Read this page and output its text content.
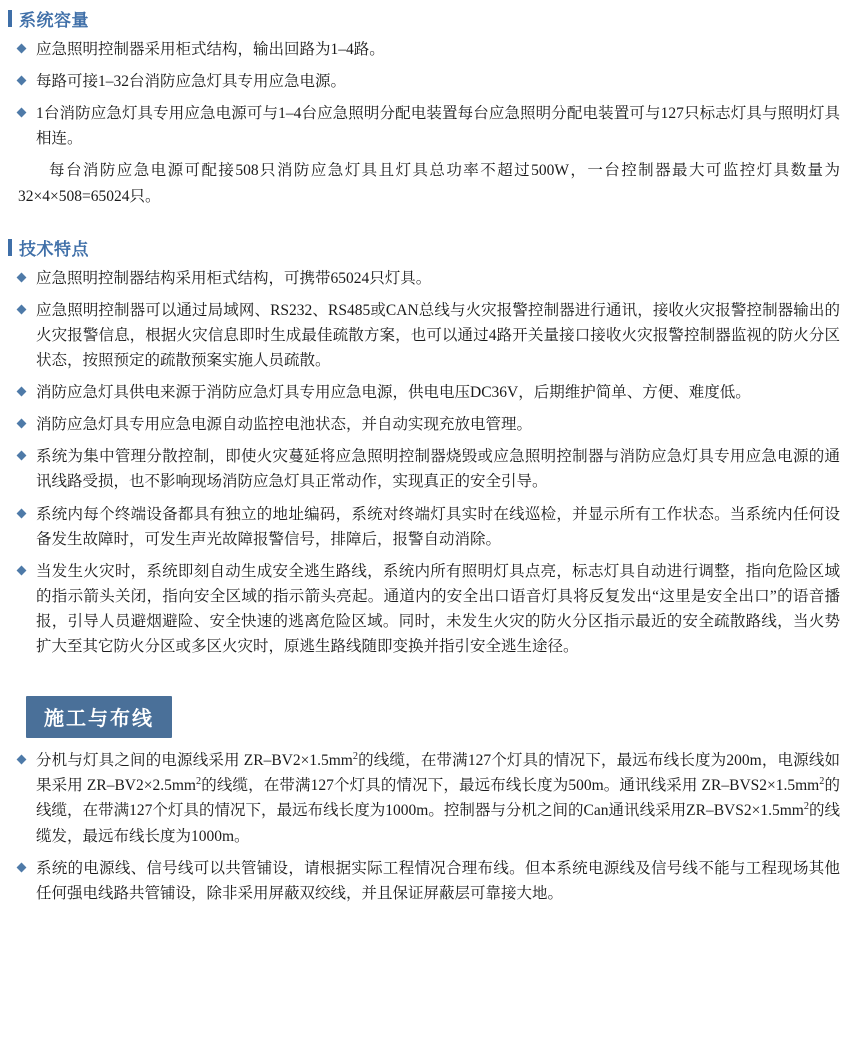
系统容量
应急照明控制器采用柜式结构，输出回路为1–4路。
每路可接1–32台消防应急灯具专用应急电源。
1台消防应急灯具专用应急电源可与1–4台应急照明分配电装置每台应急照明分配电装置可与127只标志灯具与照明灯具相连。

每台消防应急电源可配接508只消防应急灯具且灯具总功率不超过500W，一台控制器最大可监控灯具数量为32×4×508=65024只。

技术特点
应急照明控制器结构采用柜式结构，可携带65024只灯具。
应急照明控制器可以通过局域网、RS232、RS485或CAN总线与火灾报警控制器进行通讯，接收火灾报警控制器输出的火灾报警信息，根据火灾信息即时生成最佳疏散方案，也可以通过4路开关量接口接收火灾报警控制器监视的防火分区状态，按照预定的疏散预案实施人员疏散。
消防应急灯具供电来源于消防应急灯具专用应急电源，供电电压DC36V，后期维护简单、方便、难度低。
消防应急灯具专用应急电源自动监控电池状态，并自动实现充放电管理。
系统为集中管理分散控制，即使火灾蔓延将应急照明控制器烧毁或应急照明控制器与消防应急灯具专用应急电源的通讯线路受损，也不影响现场消防应急灯具正常动作，实现真正的安全引导。
系统内每个终端设备都具有独立的地址编码，系统对终端灯具实时在线巡检，并显示所有工作状态。当系统内任何设备发生故障时，可发生声光故障报警信号，排障后，报警自动消除。
当发生火灾时，系统即刻自动生成安全逃生路线，系统内所有照明灯具点亮，标志灯具自动进行调整，指向危险区域的指示箭头关闭，指向安全区域的指示箭头亮起。通道内的安全出口语音灯具将反复发出“这里是安全出口”的语音播报，引导人员避烟避险、安全快速的逃离危险区域。同时，未发生火灾的防火分区指示最近的安全疏散路线，当火势扩大至其它防火分区或多区火灾时，原逃生路线随即变换并指引安全逃生途径。
施工与布线
分机与灯具之间的电源线采用 $ZR-BV2\times 1.5mm^2$的线缆，在带满127个灯具的情况下，最远布线长度为200m，电源线如果采用 $ZR-BV2\times 2.5mm^2$的线缆，在带满127个灯具的情况下，最远布线长度为500m。通讯线采用 $ZR-BVS2\times 1.5mm^2$的线缆，在带满127个灯具的情况下，最远布线长度为1000m。控制器与分机之间的Can通讯线采用$ZR-BVS2\times 1.5mm^2$的线缆发，最远布线长度为1000m。
系统的电源线、信号线可以共管铺设，请根据实际工程情况合理布线。但本系统电源线及信号线不能与工程现场其他任何强电线路共管铺设，除非采用屏蔽双绞线，并且保证屏蔽层可靠接大地。
